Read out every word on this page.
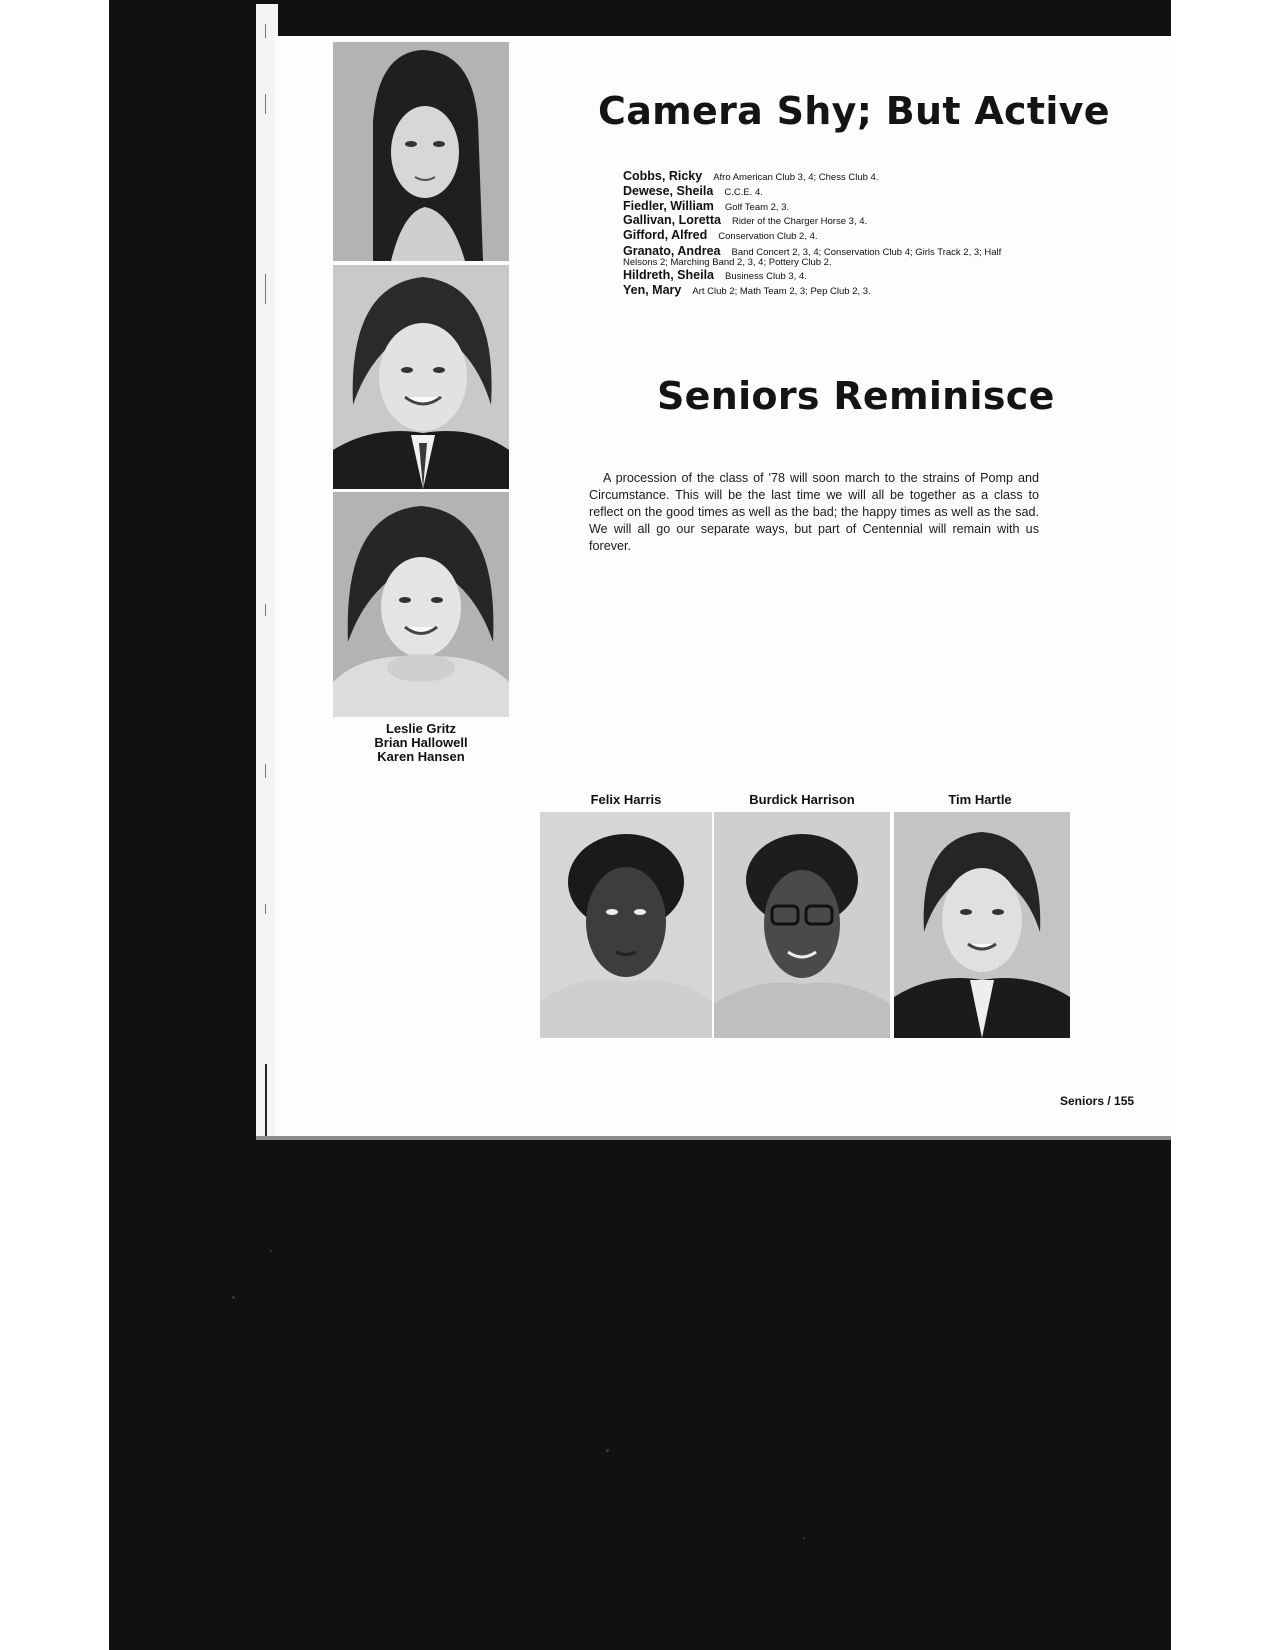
Camera Shy; But Active
Cobbs, Ricky Afro American Club 3, 4; Chess Club 4.
Dewese, Sheila C.C.E. 4.
Fiedler, William Golf Team 2, 3.
Gallivan, Loretta Rider of the Charger Horse 3, 4.
Gifford, Alfred Conservation Club 2, 4.
Granato, Andrea Band Concert 2, 3, 4; Conservation Club 4; Girls Track 2, 3; Half Nelsons 2; Marching Band 2, 3, 4; Pottery Club 2.
Hildreth, Sheila Business Club 3, 4.
Yen, Mary Art Club 2; Math Team 2, 3; Pep Club 2, 3.
Seniors Reminisce

A procession of the class of '78 will soon march to the strains of Pomp and Circumstance. This will be the last time we will all be together as a class to reflect on the good times as well as the bad; the happy times as well as the sad. We will all go our separate ways, but part of Centennial will remain with us forever.

Leslie Gritz
Brian Hallowell
Karen Hansen
Felix Harris	Burdick Harrison	Tim Hartle
Seniors / 155
